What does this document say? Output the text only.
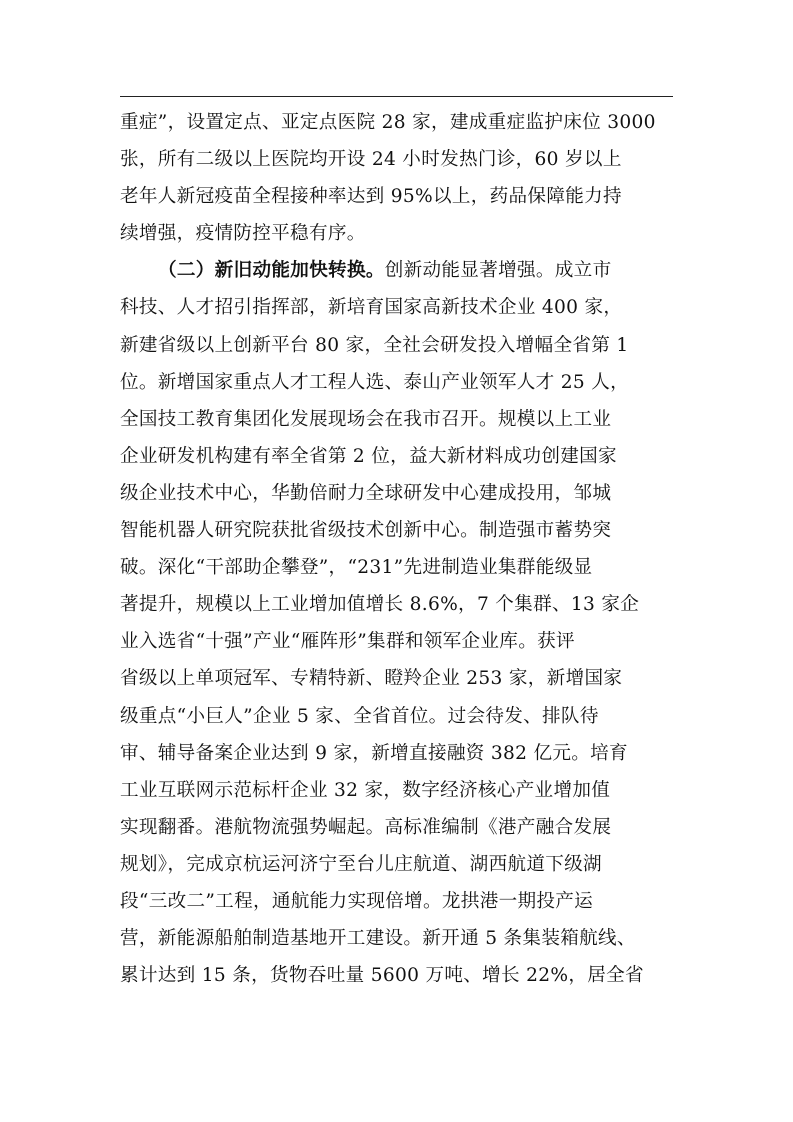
重症”，设置定点、亚定点医院 28 家，建成重症监护床位 3000
张，所有二级以上医院均开设 24 小时发热门诊，60 岁以上
老年人新冠疫苗全程接种率达到 95%以上，药品保障能力持
续增强，疫情防控平稳有序。
（二）新旧动能加快转换。创新动能显著增强。成立市
科技、人才招引指挥部，新培育国家高新技术企业 400 家，
新建省级以上创新平台 80 家，全社会研发投入增幅全省第 1
位。新增国家重点人才工程人选、泰山产业领军人才 25 人，
全国技工教育集团化发展现场会在我市召开。规模以上工业
企业研发机构建有率全省第 2 位，益大新材料成功创建国家
级企业技术中心，华勤倍耐力全球研发中心建成投用，邹城
智能机器人研究院获批省级技术创新中心。制造强市蓄势突
破。深化“干部助企攀登”，“231”先进制造业集群能级显
著提升，规模以上工业增加值增长 8.6%，7 个集群、13 家企
业入选省“十强”产业“雁阵形”集群和领军企业库。获评
省级以上单项冠军、专精特新、瞪羚企业 253 家，新增国家
级重点“小巨人”企业 5 家、全省首位。过会待发、排队待
审、辅导备案企业达到 9 家，新增直接融资 382 亿元。培育
工业互联网示范标杆企业 32 家，数字经济核心产业增加值
实现翻番。港航物流强势崛起。高标准编制《港产融合发展
规划》，完成京杭运河济宁至台儿庄航道、湖西航道下级湖
段“三改二”工程，通航能力实现倍增。龙拱港一期投产运
营，新能源船舶制造基地开工建设。新开通 5 条集装箱航线、
累计达到 15 条，货物吞吐量 5600 万吨、增长 22%，居全省
